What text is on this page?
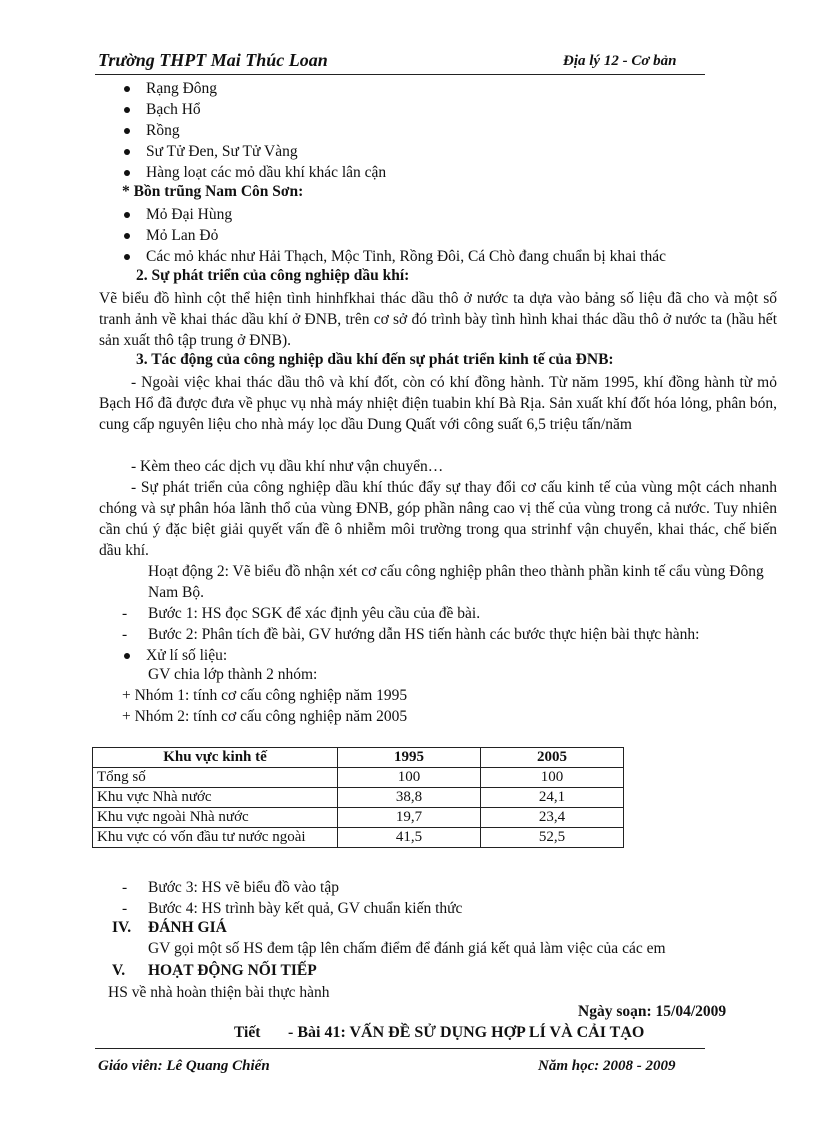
Trường THPT Mai Thúc Loan	Địa lý 12 - Cơ bản
Rạng Đông
Bạch Hổ
Rồng
Sư Tử Đen, Sư Tử Vàng
Hàng loạt các mỏ dầu khí khác lân cận
* Bồn trũng Nam Côn Sơn:
Mỏ Đại Hùng
Mỏ Lan Đỏ
Các mỏ khác như Hải Thạch, Mộc Tinh, Rồng Đôi, Cá Chò đang chuẩn bị khai thác
2. Sự phát triển của công nghiệp dầu khí:

Vẽ biểu đồ hình cột thể hiện tình hinhfkhai thác dầu thô ở nước ta dựa vào bảng số liệu đã cho và một số tranh ảnh về khai thác dầu khí ở ĐNB, trên cơ sở đó trình bày tình hình khai thác dầu thô ở nước ta (hầu hết sản xuất thô tập trung ở ĐNB).

3. Tác động của công nghiệp dầu khí đến sự phát triển kinh tế của ĐNB:

- Ngoài việc khai thác dầu thô và khí đốt, còn có khí đồng hành. Từ năm 1995, khí đồng hành từ mỏ Bạch Hổ đã được đưa về phục vụ nhà máy nhiệt điện tuabin khí Bà Rịa. Sản xuất khí đốt hóa lỏng, phân bón, cung cấp nguyên liệu cho nhà máy lọc dầu Dung Quất với công suất 6,5 triệu tấn/năm

- Kèm theo các dịch vụ dầu khí như vận chuyển…

- Sự phát triển của công nghiệp dầu khí thúc đẩy sự thay đổi cơ cấu kinh tế của vùng một cách nhanh chóng và sự phân hóa lãnh thổ của vùng ĐNB, góp phần nâng cao vị thế của vùng trong cả nước. Tuy nhiên cần chú ý đặc biệt giải quyết vấn đề ô nhiễm môi trường trong qua strinhf vận chuyển, khai thác, chế biến dầu khí.

Hoạt động 2: Vẽ biểu đồ nhận xét cơ cấu công nghiệp phân theo thành phần kinh tế cẩu vùng Đông Nam Bộ.

- Bước 1: HS đọc SGK để xác định yêu cầu của đề bài.
- Bước 2: Phân tích đề bài, GV hướng dẫn HS tiến hành các bước thực hiện bài thực hành:
Xử lí số liệu:
GV chia lớp thành 2 nhóm:
+ Nhóm 1: tính cơ cấu công nghiệp năm 1995
+ Nhóm 2: tính cơ cấu công nghiệp năm 2005
Khu vực kinh tế	1995	2005
Tổng số	100	100
Khu vực Nhà nước	38,8	24,1
Khu vực ngoài Nhà nước	19,7	23,4
Khu vực có vốn đầu tư nước ngoài	41,5	52,5
- Bước 3: HS vẽ biểu đồ vào tập
- Bước 4: HS trình bày kết quả, GV chuẩn kiến thức
IV. ĐÁNH GIÁ
GV gọi một số HS đem tập lên chấm điểm để đánh giá kết quả làm việc của các em
V. HOẠT ĐỘNG NỐI TIẾP
HS về nhà hoàn thiện bài thực hành
Ngày soạn: 15/04/2009
Tiết - Bài 41: VẤN ĐỀ SỬ DỤNG HỢP LÍ VÀ CẢI TẠO
Giáo viên: Lê Quang Chiến	Năm học: 2008 - 2009
